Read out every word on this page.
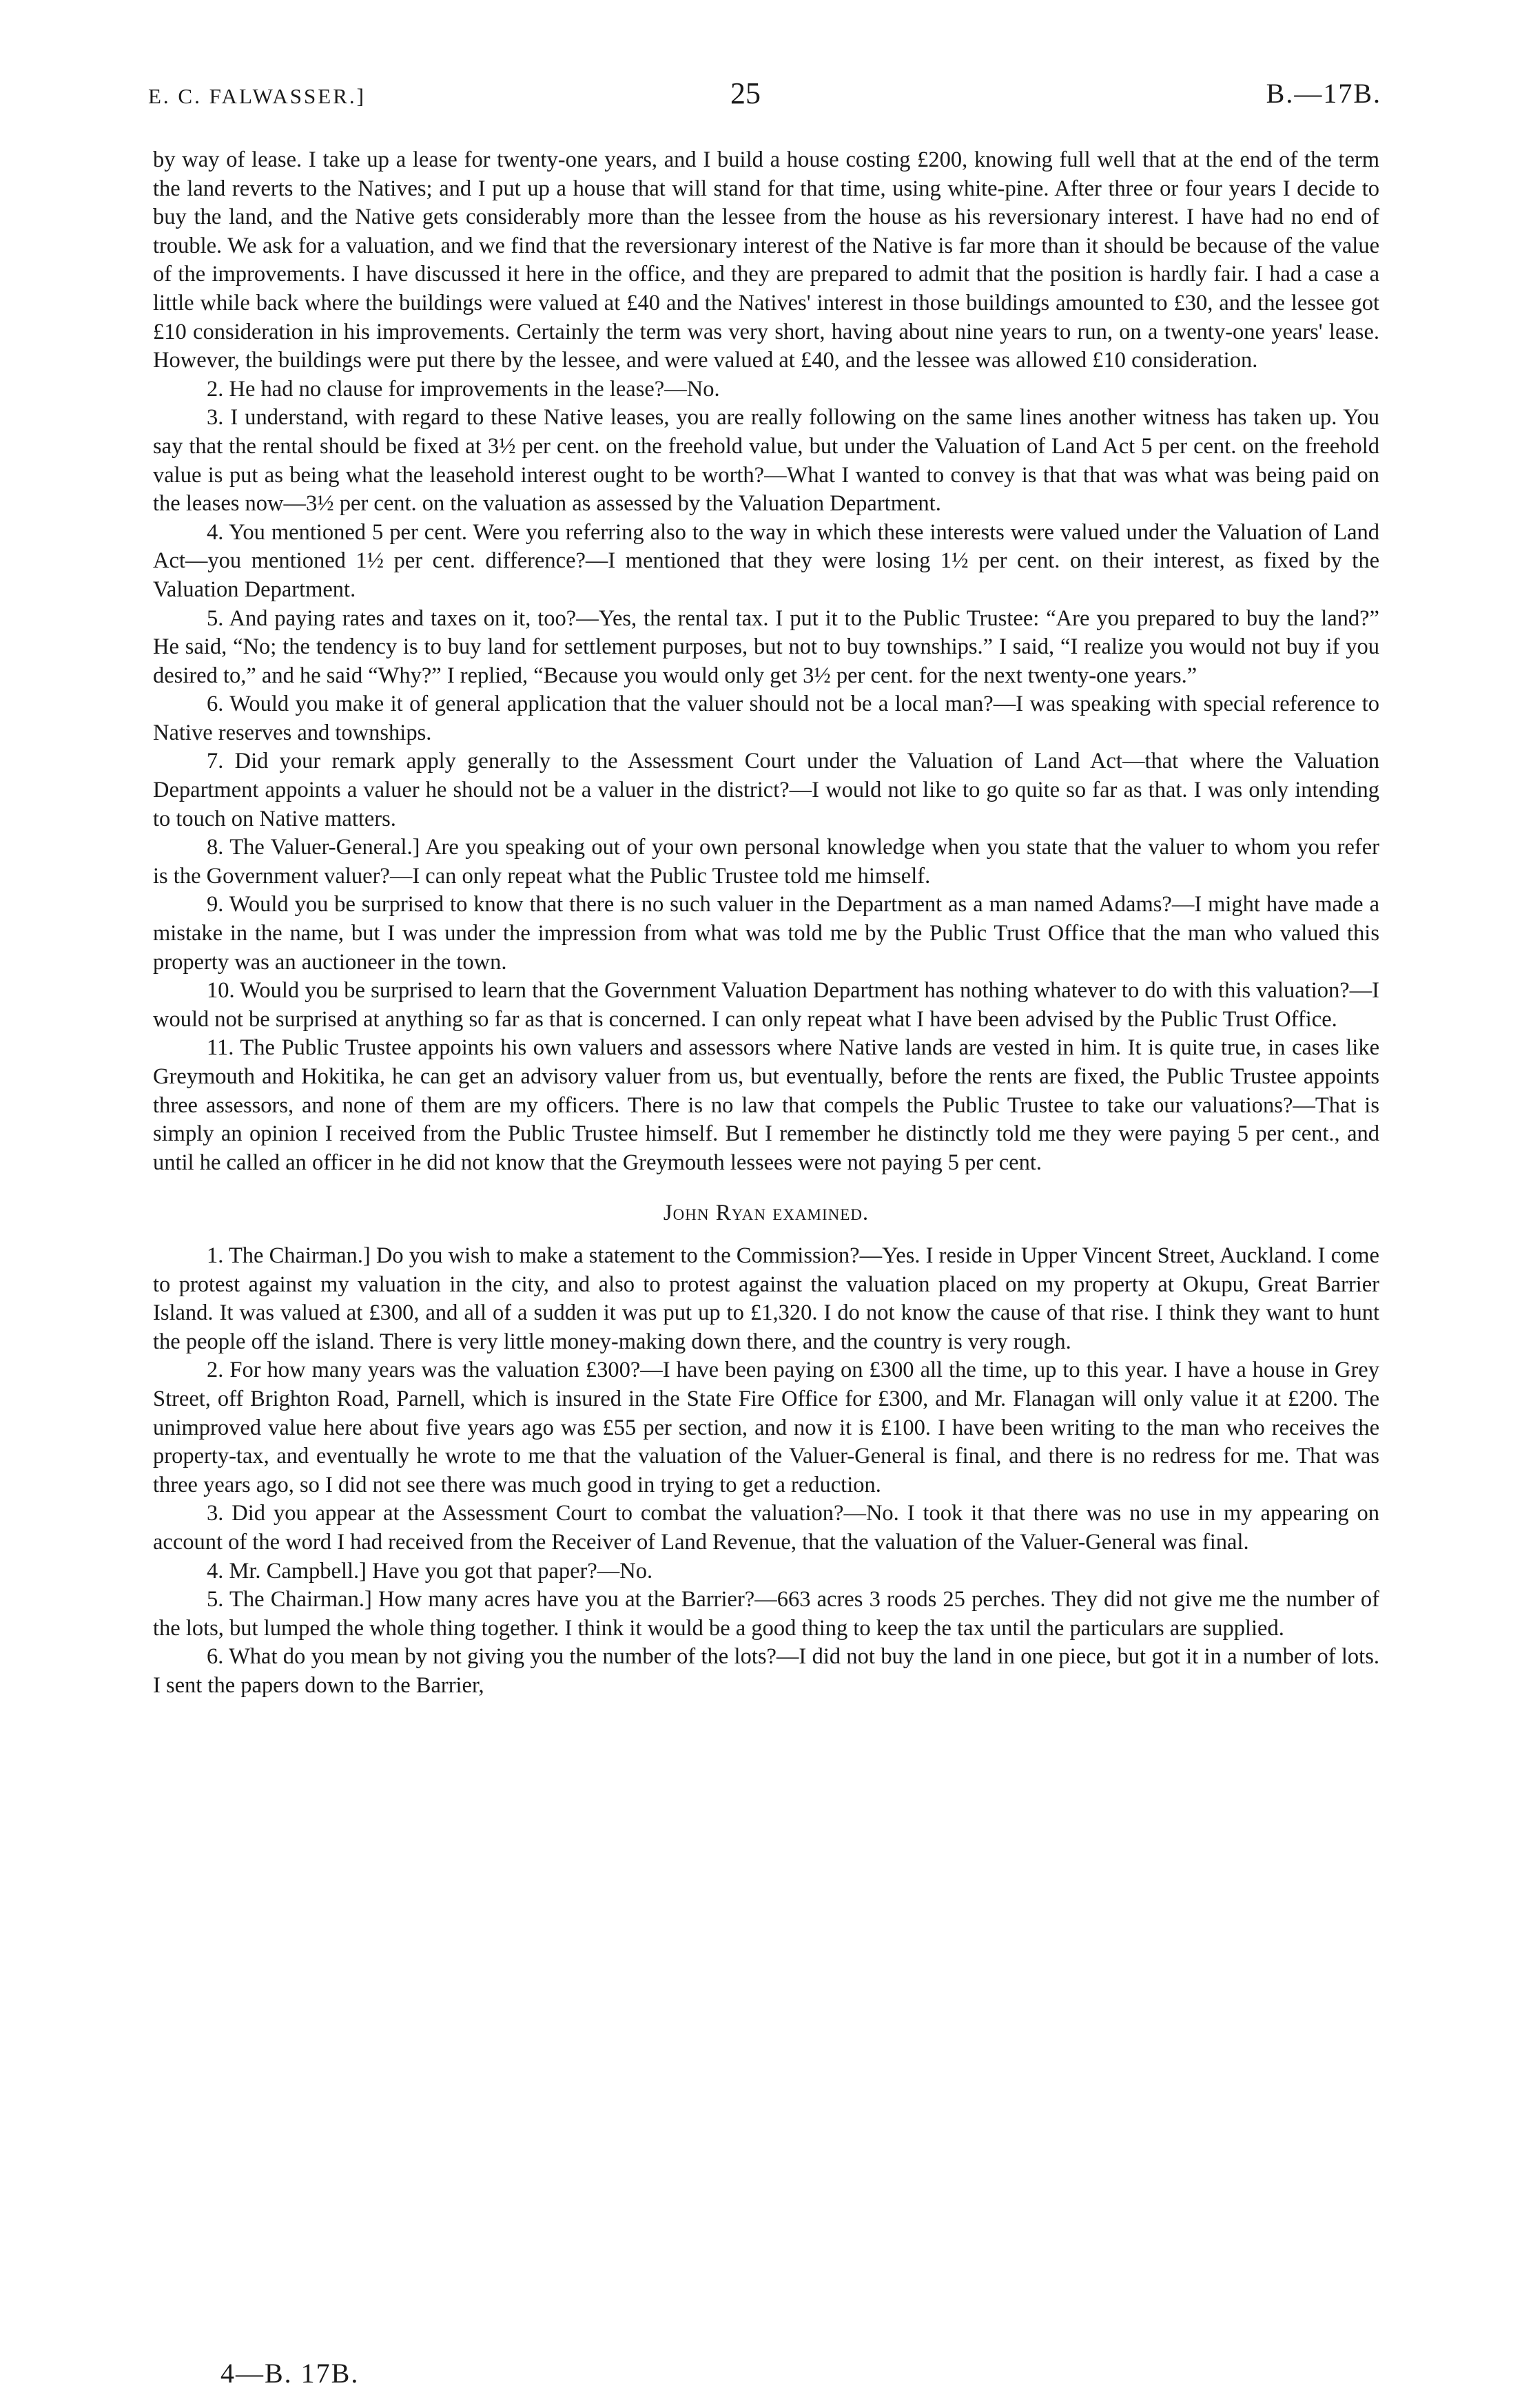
E. C. FALWASSER.]	25	B.—17B.

by way of lease. I take up a lease for twenty-one years, and I build a house costing £200, knowing full well that at the end of the term the land reverts to the Natives; and I put up a house that will stand for that time, using white-pine. After three or four years I decide to buy the land, and the Native gets considerably more than the lessee from the house as his reversionary interest. I have had no end of trouble. We ask for a valuation, and we find that the reversionary interest of the Native is far more than it should be because of the value of the improvements. I have discussed it here in the office, and they are prepared to admit that the position is hardly fair. I had a case a little while back where the buildings were valued at £40 and the Natives' interest in those buildings amounted to £30, and the lessee got £10 consideration in his improvements. Certainly the term was very short, having about nine years to run, on a twenty-one years' lease. However, the buildings were put there by the lessee, and were valued at £40, and the lessee was allowed £10 consideration.

2. He had no clause for improvements in the lease?—No.

3. I understand, with regard to these Native leases, you are really following on the same lines another witness has taken up. You say that the rental should be fixed at 3½ per cent. on the freehold value, but under the Valuation of Land Act 5 per cent. on the freehold value is put as being what the leasehold interest ought to be worth?—What I wanted to convey is that that was what was being paid on the leases now—3½ per cent. on the valuation as assessed by the Valuation Department.

4. You mentioned 5 per cent. Were you referring also to the way in which these interests were valued under the Valuation of Land Act—you mentioned 1½ per cent. difference?—I mentioned that they were losing 1½ per cent. on their interest, as fixed by the Valuation Department.

5. And paying rates and taxes on it, too?—Yes, the rental tax. I put it to the Public Trustee: “Are you prepared to buy the land?” He said, “No; the tendency is to buy land for settlement purposes, but not to buy townships.” I said, “I realize you would not buy if you desired to,” and he said “Why?” I replied, “Because you would only get 3½ per cent. for the next twenty-one years.”

6. Would you make it of general application that the valuer should not be a local man?—I was speaking with special reference to Native reserves and townships.

7. Did your remark apply generally to the Assessment Court under the Valuation of Land Act—that where the Valuation Department appoints a valuer he should not be a valuer in the district?—I would not like to go quite so far as that. I was only intending to touch on Native matters.

8. The Valuer-General.] Are you speaking out of your own personal knowledge when you state that the valuer to whom you refer is the Government valuer?—I can only repeat what the Public Trustee told me himself.

9. Would you be surprised to know that there is no such valuer in the Department as a man named Adams?—I might have made a mistake in the name, but I was under the impression from what was told me by the Public Trust Office that the man who valued this property was an auctioneer in the town.

10. Would you be surprised to learn that the Government Valuation Department has nothing whatever to do with this valuation?—I would not be surprised at anything so far as that is concerned. I can only repeat what I have been advised by the Public Trust Office.

11. The Public Trustee appoints his own valuers and assessors where Native lands are vested in him. It is quite true, in cases like Greymouth and Hokitika, he can get an advisory valuer from us, but eventually, before the rents are fixed, the Public Trustee appoints three assessors, and none of them are my officers. There is no law that compels the Public Trustee to take our valuations?—That is simply an opinion I received from the Public Trustee himself. But I remember he distinctly told me they were paying 5 per cent., and until he called an officer in he did not know that the Greymouth lessees were not paying 5 per cent.

John Ryan examined.

1. The Chairman.] Do you wish to make a statement to the Commission?—Yes. I reside in Upper Vincent Street, Auckland. I come to protest against my valuation in the city, and also to protest against the valuation placed on my property at Okupu, Great Barrier Island. It was valued at £300, and all of a sudden it was put up to £1,320. I do not know the cause of that rise. I think they want to hunt the people off the island. There is very little money-making down there, and the country is very rough.

2. For how many years was the valuation £300?—I have been paying on £300 all the time, up to this year. I have a house in Grey Street, off Brighton Road, Parnell, which is insured in the State Fire Office for £300, and Mr. Flanagan will only value it at £200. The unimproved value here about five years ago was £55 per section, and now it is £100. I have been writing to the man who receives the property-tax, and eventually he wrote to me that the valuation of the Valuer-General is final, and there is no redress for me. That was three years ago, so I did not see there was much good in trying to get a reduction.

3. Did you appear at the Assessment Court to combat the valuation?—No. I took it that there was no use in my appearing on account of the word I had received from the Receiver of Land Revenue, that the valuation of the Valuer-General was final.

4. Mr. Campbell.] Have you got that paper?—No.

5. The Chairman.] How many acres have you at the Barrier?—663 acres 3 roods 25 perches. They did not give me the number of the lots, but lumped the whole thing together. I think it would be a good thing to keep the tax until the particulars are supplied.

6. What do you mean by not giving you the number of the lots?—I did not buy the land in one piece, but got it in a number of lots. I sent the papers down to the Barrier,

4—B. 17B.
